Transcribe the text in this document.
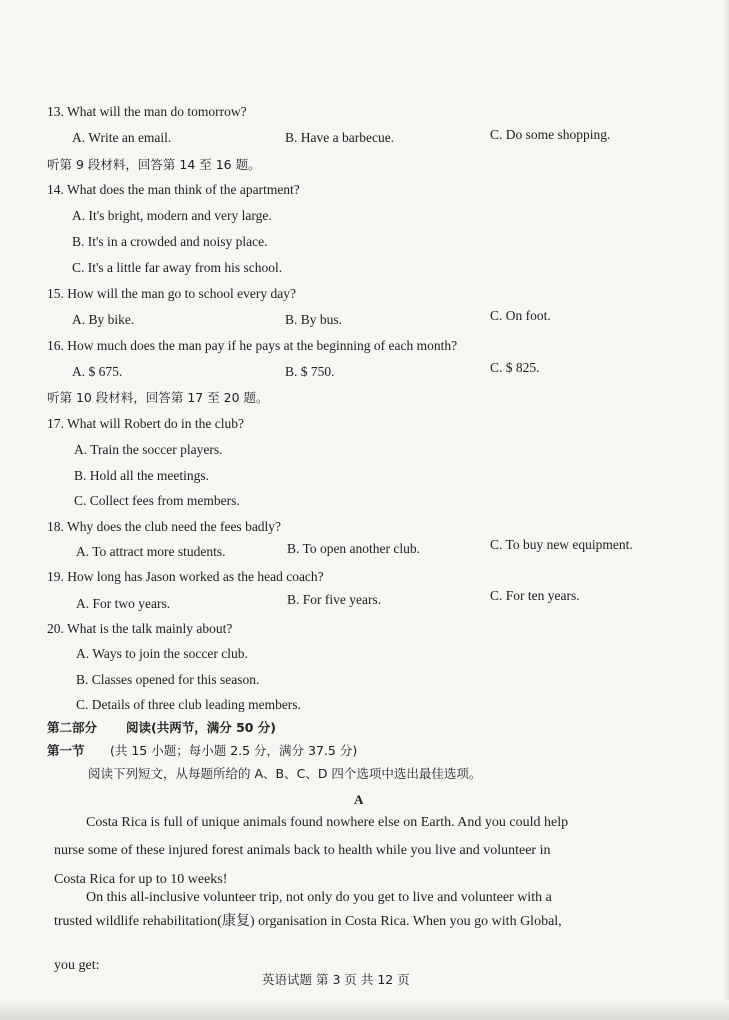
13. What will the man do tomorrow?
A. Write an email.	B. Have a barbecue.	C. Do some shopping.
听第 9 段材料，回答第 14 至 16 题。
14. What does the man think of the apartment?
A. It's bright, modern and very large.
B. It's in a crowded and noisy place.
C. It's a little far away from his school.
15. How will the man go to school every day?
A. By bike.	B. By bus.	C. On foot.
16. How much does the man pay if he pays at the beginning of each month?
A. $ 675.	B. $ 750.	C. $ 825.
听第 10 段材料，回答第 17 至 20 题。
17. What will Robert do in the club?
A. Train the soccer players.
B. Hold all the meetings.
C. Collect fees from members.
18. Why does the club need the fees badly?
A. To attract more students.	B. To open another club.	C. To buy new equipment.
19. How long has Jason worked as the head coach?
A. For two years.	B. For five years.	C. For ten years.
20. What is the talk mainly about?
A. Ways to join the soccer club.
B. Classes opened for this season.
C. Details of three club leading members.
第二部分 阅读(共两节，满分 50 分)
第一节 (共 15 小题；每小题 2.5 分，满分 37.5 分)
阅读下列短文，从每题所给的 A、B、C、D 四个选项中选出最佳选项。
A
Costa Rica is full of unique animals found nowhere else on Earth. And you could help
nurse some of these injured forest animals back to health while you live and volunteer in
Costa Rica for up to 10 weeks!
On this all-inclusive volunteer trip, not only do you get to live and volunteer with a
trusted wildlife rehabilitation(康复) organisation in Costa Rica. When you go with Global,
you get:
英语试题 第 3 页 共 12 页
